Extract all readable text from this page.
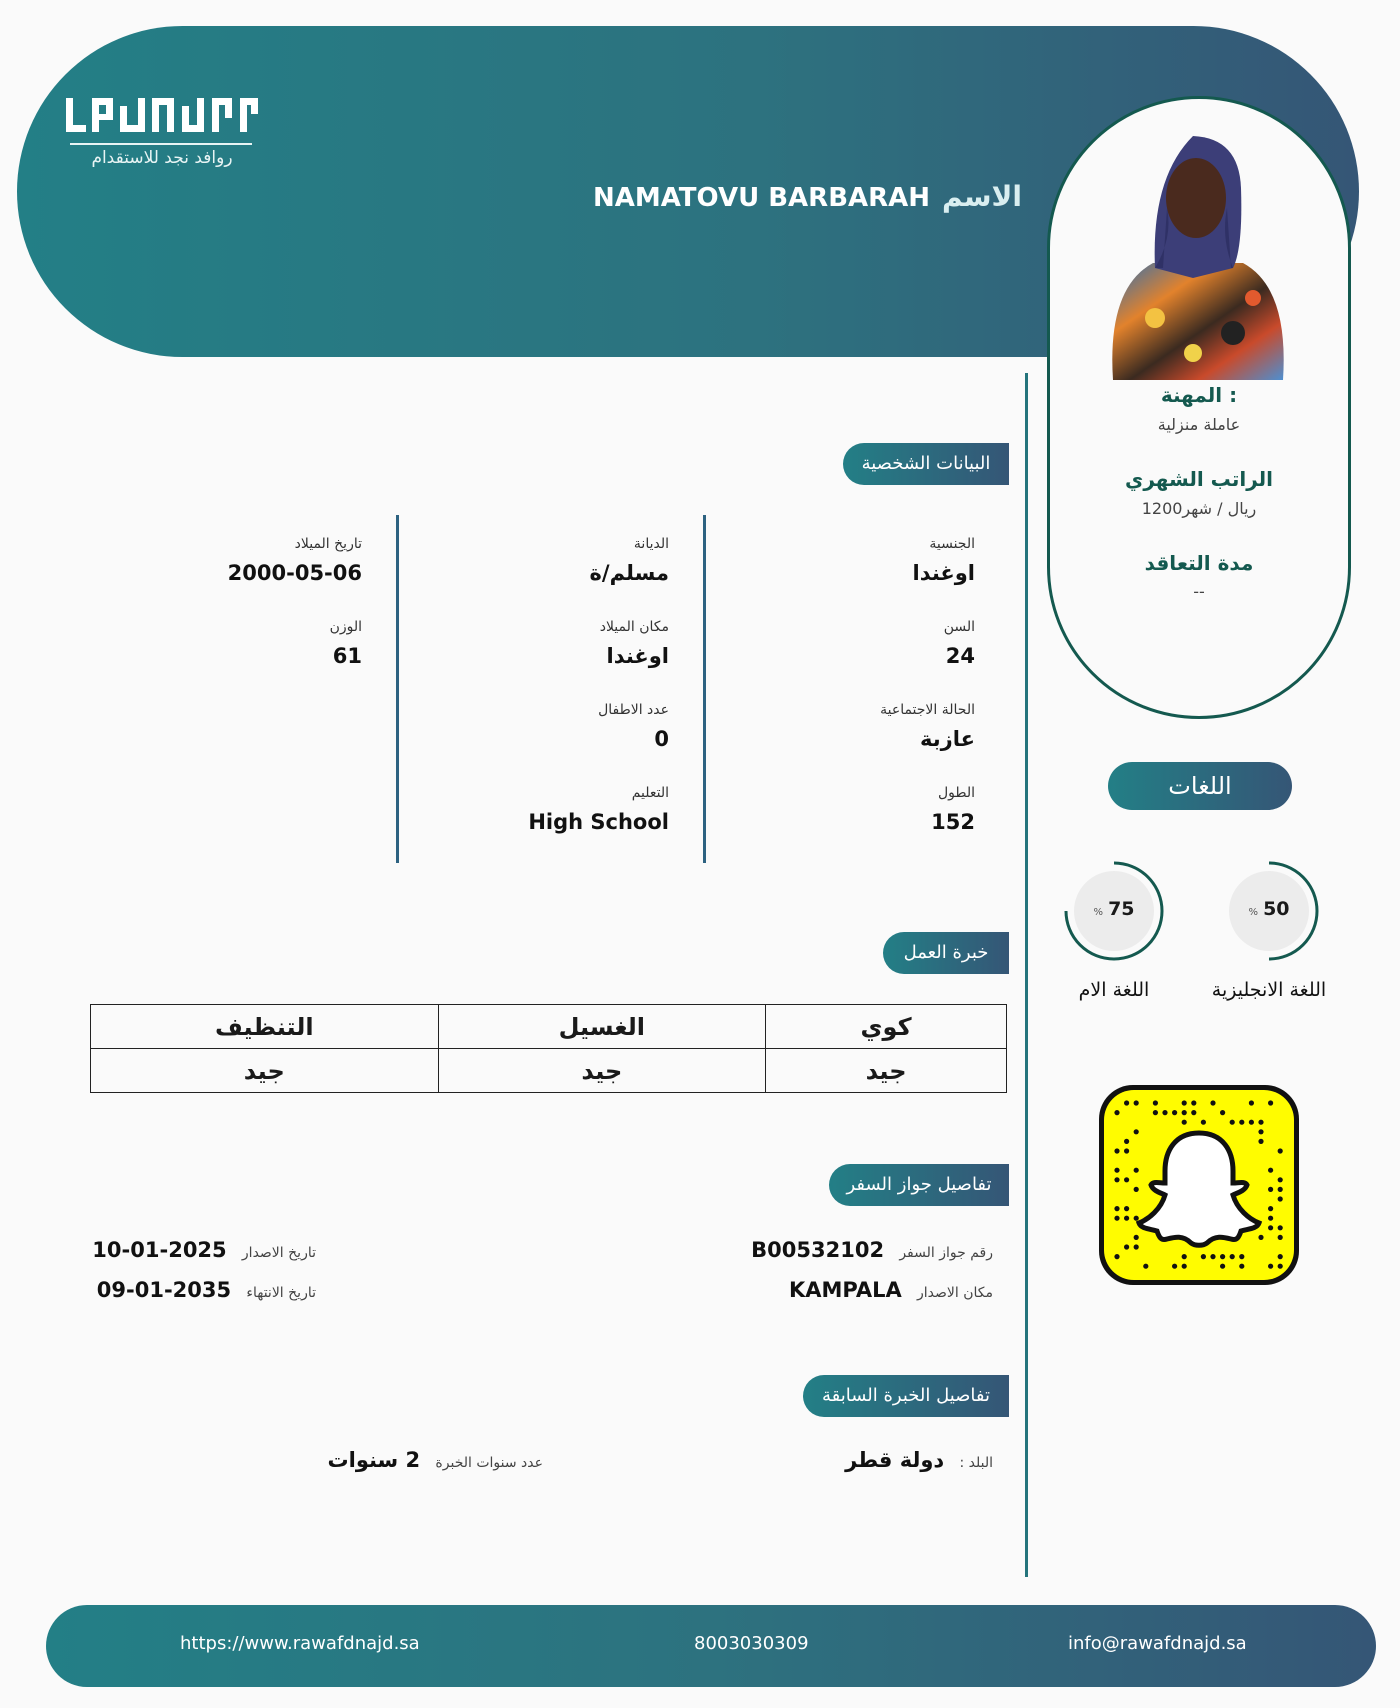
روافد نجد للاستقدام
الاسمNAMATOVU BARBARAH
المهنة :
عاملة منزلية
الراتب الشهري
1200ريال / شهر
مدة التعاقد
--
البيانات الشخصية
الجنسية
اوغندا
السن
24
الحالة الاجتماعية
عازبة
الطول
152
الديانة
مسلم/ة
مكان الميلاد
اوغندا
عدد الاطفال
0
التعليم
High School
تاريخ الميلاد
2000-05-06
الوزن
61
خبرة العمل
التنظيف	الغسيل	كوي
جيد	جيد	جيد
تفاصيل جواز السفر
رقم جواز السفر   B00532102
مكان الاصدار   KAMPALA
تاريخ الاصدار   2025-01-10
تاريخ الانتهاء   2035-01-09
تفاصيل الخبرة السابقة
البلد :   دولة قطر
عدد سنوات الخبرة   2 سنوات
اللغات
% 75
اللغة الام
% 50
اللغة الانجليزية
https://www.rawafdnajd.sa	8003030309	info@rawafdnajd.sa
